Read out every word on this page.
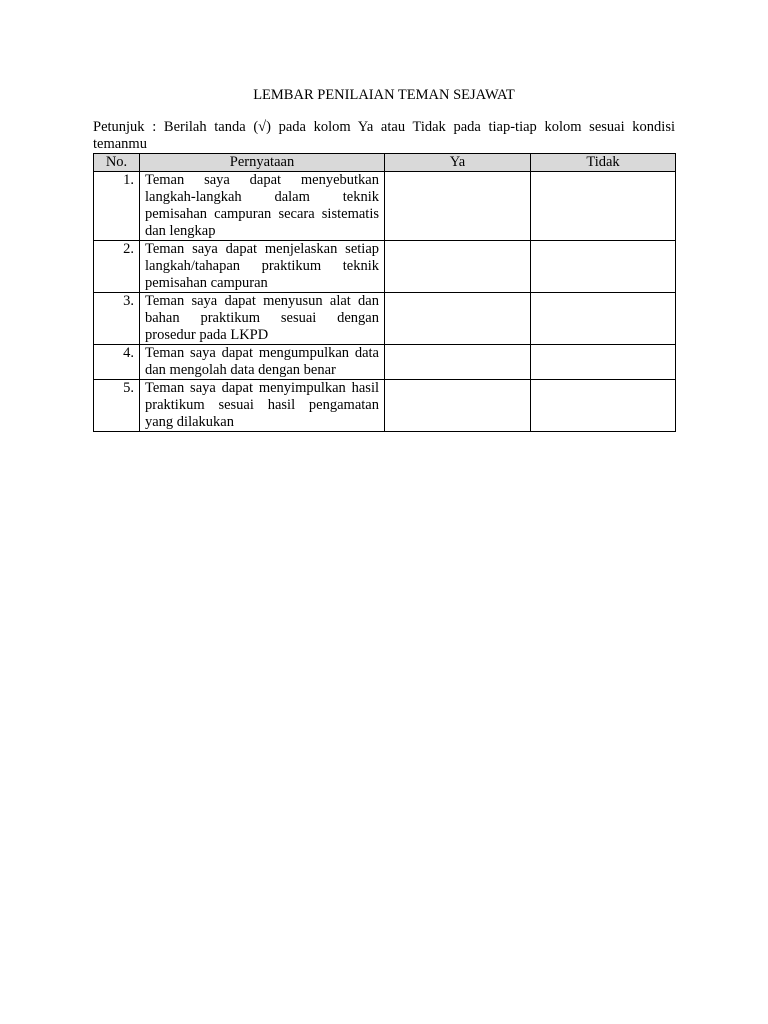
LEMBAR PENILAIAN TEMAN SEJAWAT

Petunjuk : Berilah tanda (√) pada kolom Ya atau Tidak pada tiap-tiap kolom sesuai kondisi temanmu
No.	Pernyataan	Ya	Tidak
1.	Teman saya dapat menyebutkan langkah-langkah dalam teknik pemisahan campuran secara sistematis dan lengkap		
2.	Teman saya dapat menjelaskan setiap langkah/tahapan praktikum teknik pemisahan campuran		
3.	Teman saya dapat menyusun alat dan bahan praktikum sesuai dengan prosedur pada LKPD		
4.	Teman saya dapat mengumpulkan data dan mengolah data dengan benar		
5.	Teman saya dapat menyimpulkan hasil praktikum sesuai hasil pengamatan yang dilakukan		
